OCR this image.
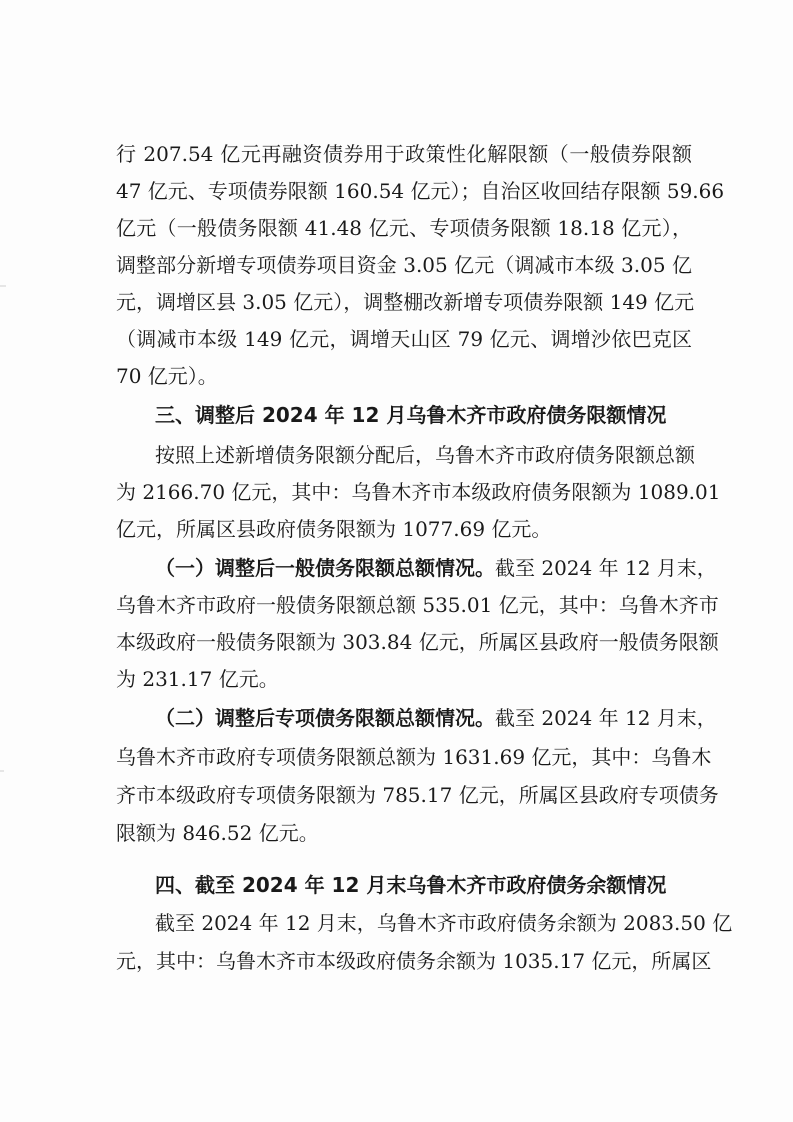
行 207.54 亿元再融资债券用于政策性化解限额（一般债券限额
47 亿元、专项债券限额 160.54 亿元）；自治区收回结存限额 59.66
亿元（一般债务限额 41.48 亿元、专项债务限额 18.18 亿元），
调整部分新增专项债券项目资金 3.05 亿元（调减市本级 3.05 亿
元，调增区县 3.05 亿元），调整棚改新增专项债券限额 149 亿元
（调减市本级 149 亿元，调增天山区 79 亿元、调增沙依巴克区
70 亿元）。
三、调整后 2024 年 12 月乌鲁木齐市政府债务限额情况
按照上述新增债务限额分配后，乌鲁木齐市政府债务限额总额
为 2166.70 亿元，其中：乌鲁木齐市本级政府债务限额为 1089.01
亿元，所属区县政府债务限额为 1077.69 亿元。
（一）调整后一般债务限额总额情况。截至 2024 年 12 月末，
乌鲁木齐市政府一般债务限额总额 535.01 亿元，其中：乌鲁木齐市
本级政府一般债务限额为 303.84 亿元，所属区县政府一般债务限额
为 231.17 亿元。
（二）调整后专项债务限额总额情况。截至 2024 年 12 月末，
乌鲁木齐市政府专项债务限额总额为 1631.69 亿元，其中：乌鲁木
齐市本级政府专项债务限额为 785.17 亿元，所属区县政府专项债务
限额为 846.52 亿元。
四、截至 2024 年 12 月末乌鲁木齐市政府债务余额情况
截至 2024 年 12 月末，乌鲁木齐市政府债务余额为 2083.50 亿
元，其中：乌鲁木齐市本级政府债务余额为 1035.17 亿元，所属区
